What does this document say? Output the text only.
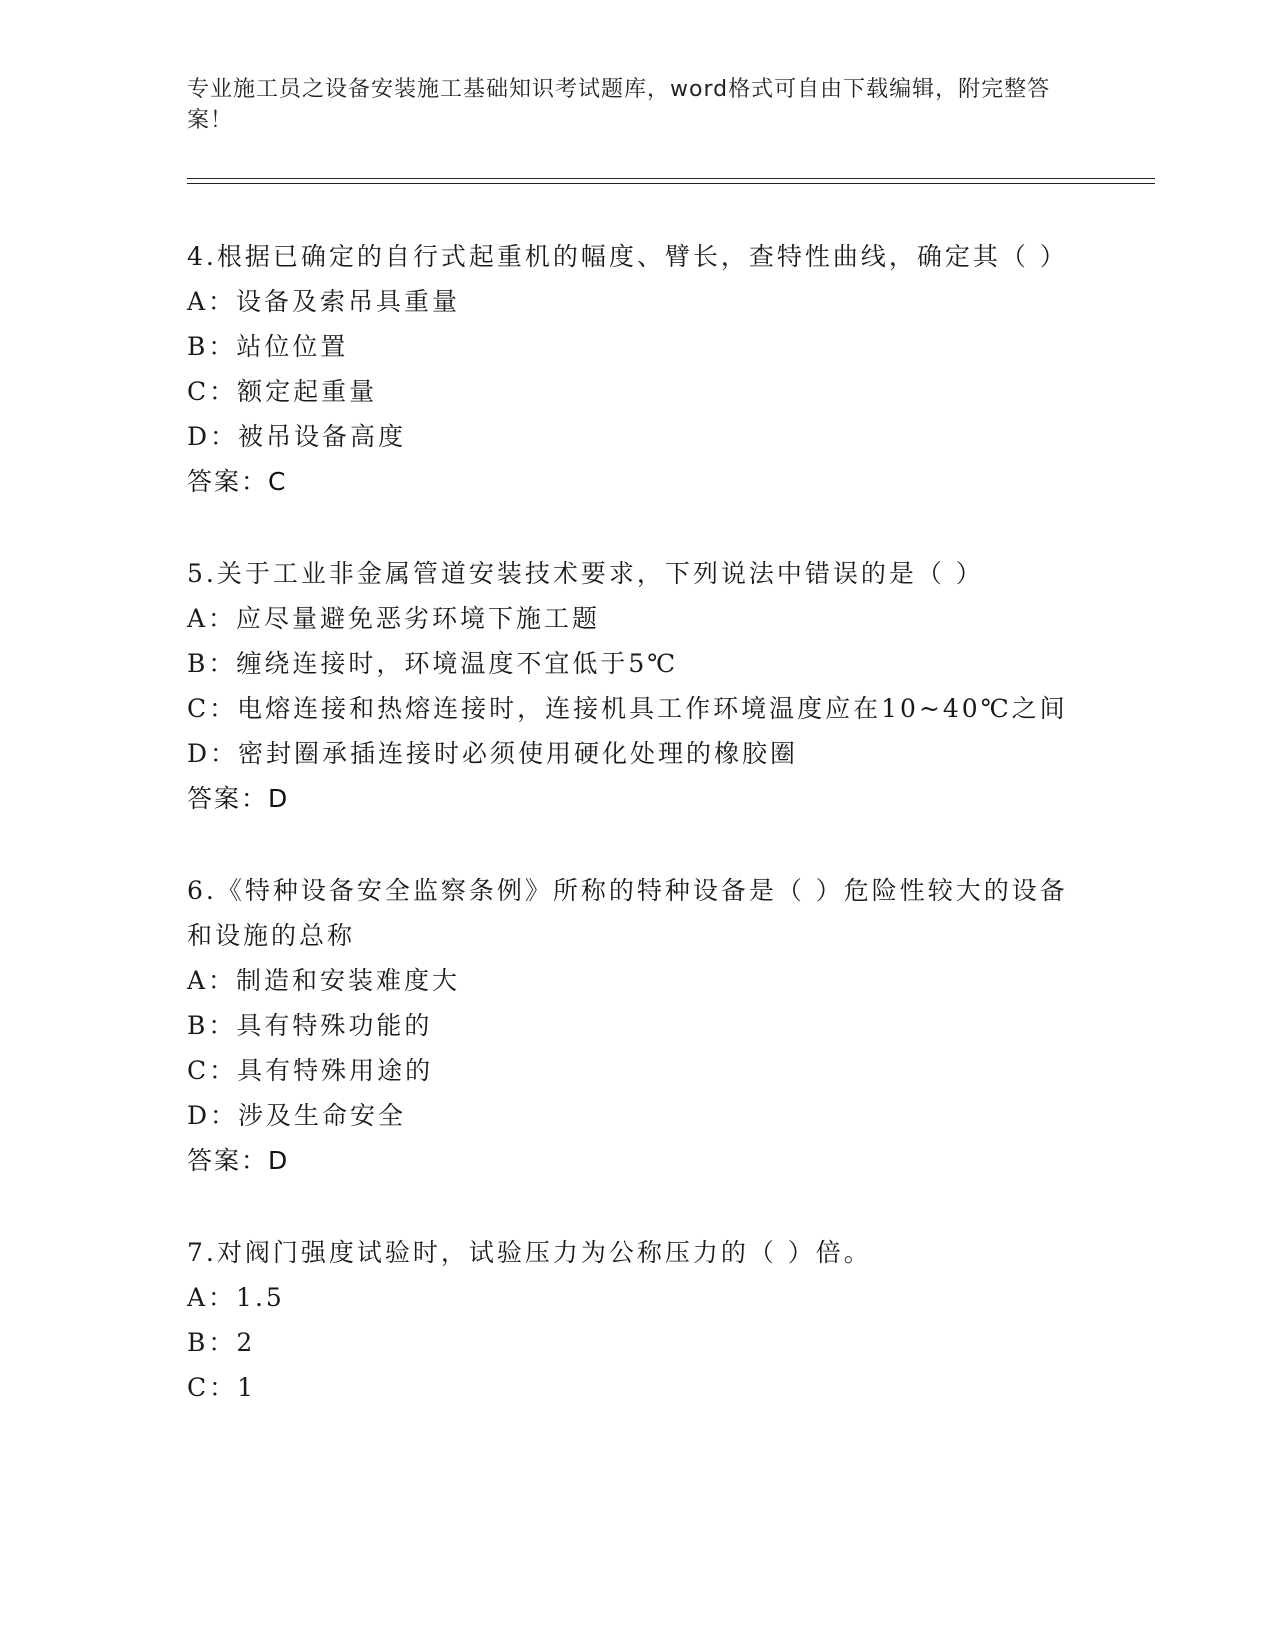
专业施工员之设备安装施工基础知识考试题库，word格式可自由下载编辑，附完整答案！

4.根据已确定的自行式起重机的幅度、臂长，查特性曲线，确定其（ ）

A：设备及索吊具重量

B：站位位置

C：额定起重量

D：被吊设备高度

答案：C

5.关于工业非金属管道安装技术要求，下列说法中错误的是（ ）

A：应尽量避免恶劣环境下施工题

B：缠绕连接时，环境温度不宜低于5℃

C：电熔连接和热熔连接时，连接机具工作环境温度应在10~40℃之间

D：密封圈承插连接时必须使用硬化处理的橡胶圈

答案：D

6.《特种设备安全监察条例》所称的特种设备是（ ）危险性较大的设备和设施的总称

A：制造和安装难度大

B：具有特殊功能的

C：具有特殊用途的

D：涉及生命安全

答案：D

7.对阀门强度试验时，试验压力为公称压力的（ ）倍。

A：1.5

B：2

C：1
